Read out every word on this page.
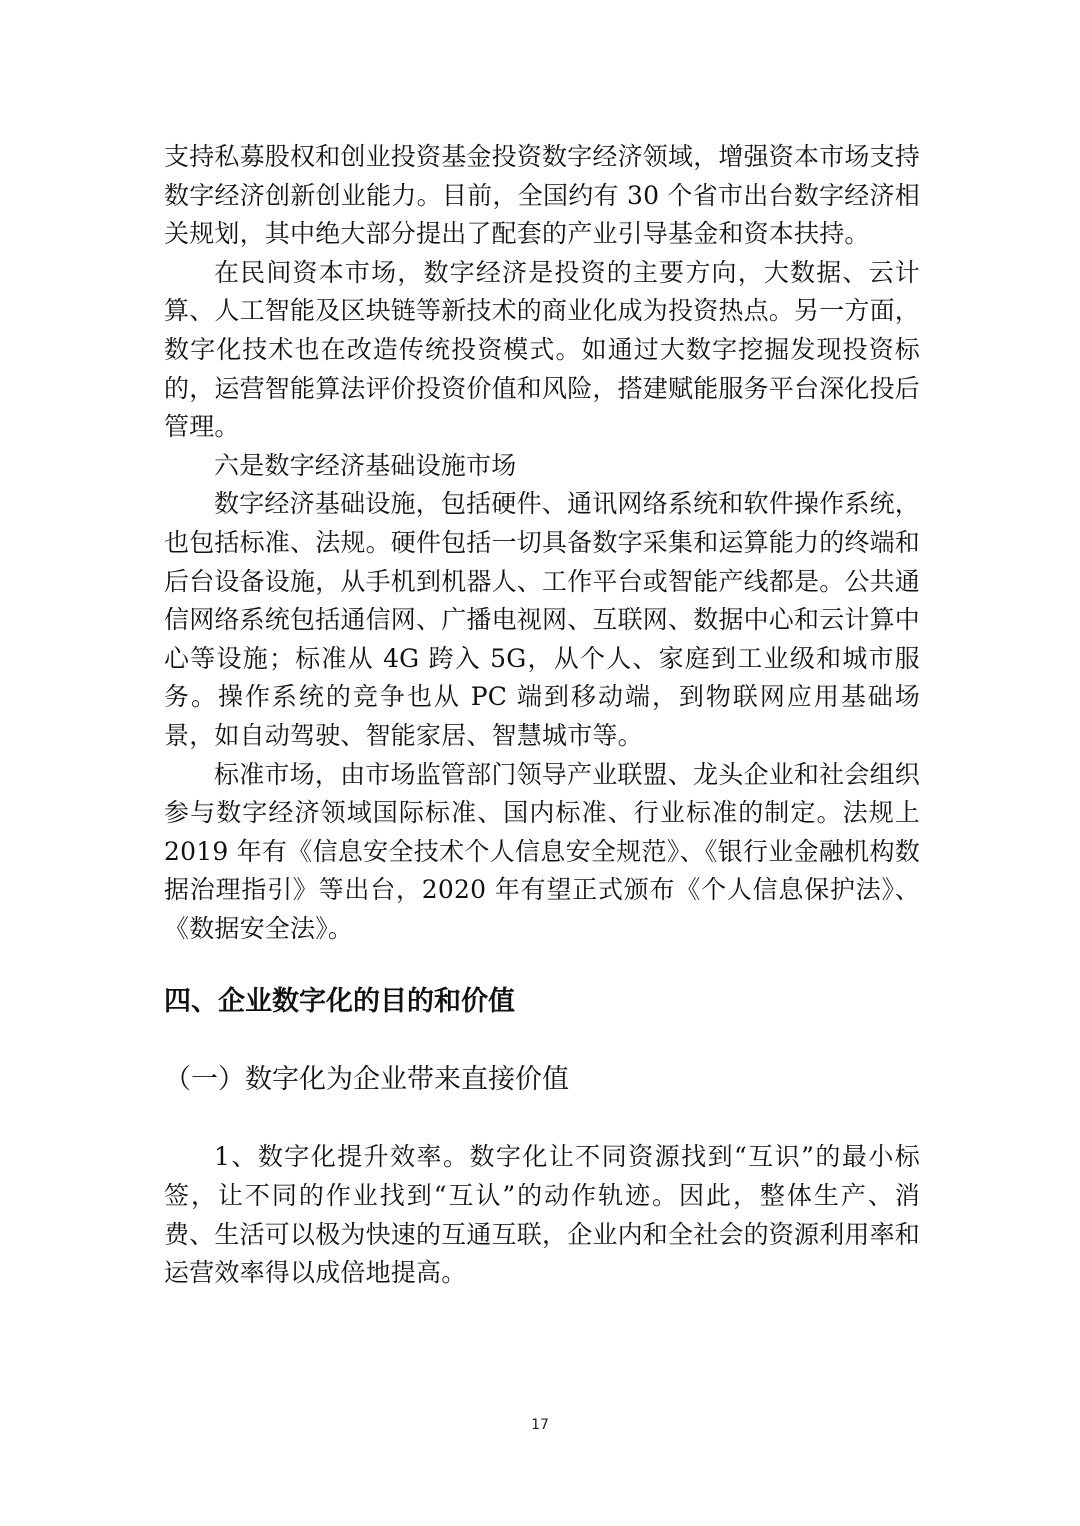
支持私募股权和创业投资基金投资数字经济领域，增强资本市场支持数字经济创新创业能力。目前，全国约有 30 个省市出台数字经济相关规划，其中绝大部分提出了配套的产业引导基金和资本扶持。

在民间资本市场，数字经济是投资的主要方向，大数据、云计算、人工智能及区块链等新技术的商业化成为投资热点。另一方面，数字化技术也在改造传统投资模式。如通过大数字挖掘发现投资标的，运营智能算法评价投资价值和风险，搭建赋能服务平台深化投后管理。

六是数字经济基础设施市场

数字经济基础设施，包括硬件、通讯网络系统和软件操作系统，也包括标准、法规。硬件包括一切具备数字采集和运算能力的终端和后台设备设施，从手机到机器人、工作平台或智能产线都是。公共通信网络系统包括通信网、广播电视网、互联网、数据中心和云计算中心等设施；标准从 4G 跨入 5G，从个人、家庭到工业级和城市服务。操作系统的竞争也从 PC 端到移动端，到物联网应用基础场景，如自动驾驶、智能家居、智慧城市等。

标准市场，由市场监管部门领导产业联盟、龙头企业和社会组织参与数字经济领域国际标准、国内标准、行业标准的制定。法规上 2019 年有《信息安全技术个人信息安全规范》、《银行业金融机构数据治理指引》等出台，2020 年有望正式颁布《个人信息保护法》、《数据安全法》。

四、企业数字化的目的和价值
（一）数字化为企业带来直接价值

1、数字化提升效率。数字化让不同资源找到“互识”的最小标签，让不同的作业找到“互认”的动作轨迹。因此，整体生产、消费、生活可以极为快速的互通互联，企业内和全社会的资源利用率和运营效率得以成倍地提高。

17
